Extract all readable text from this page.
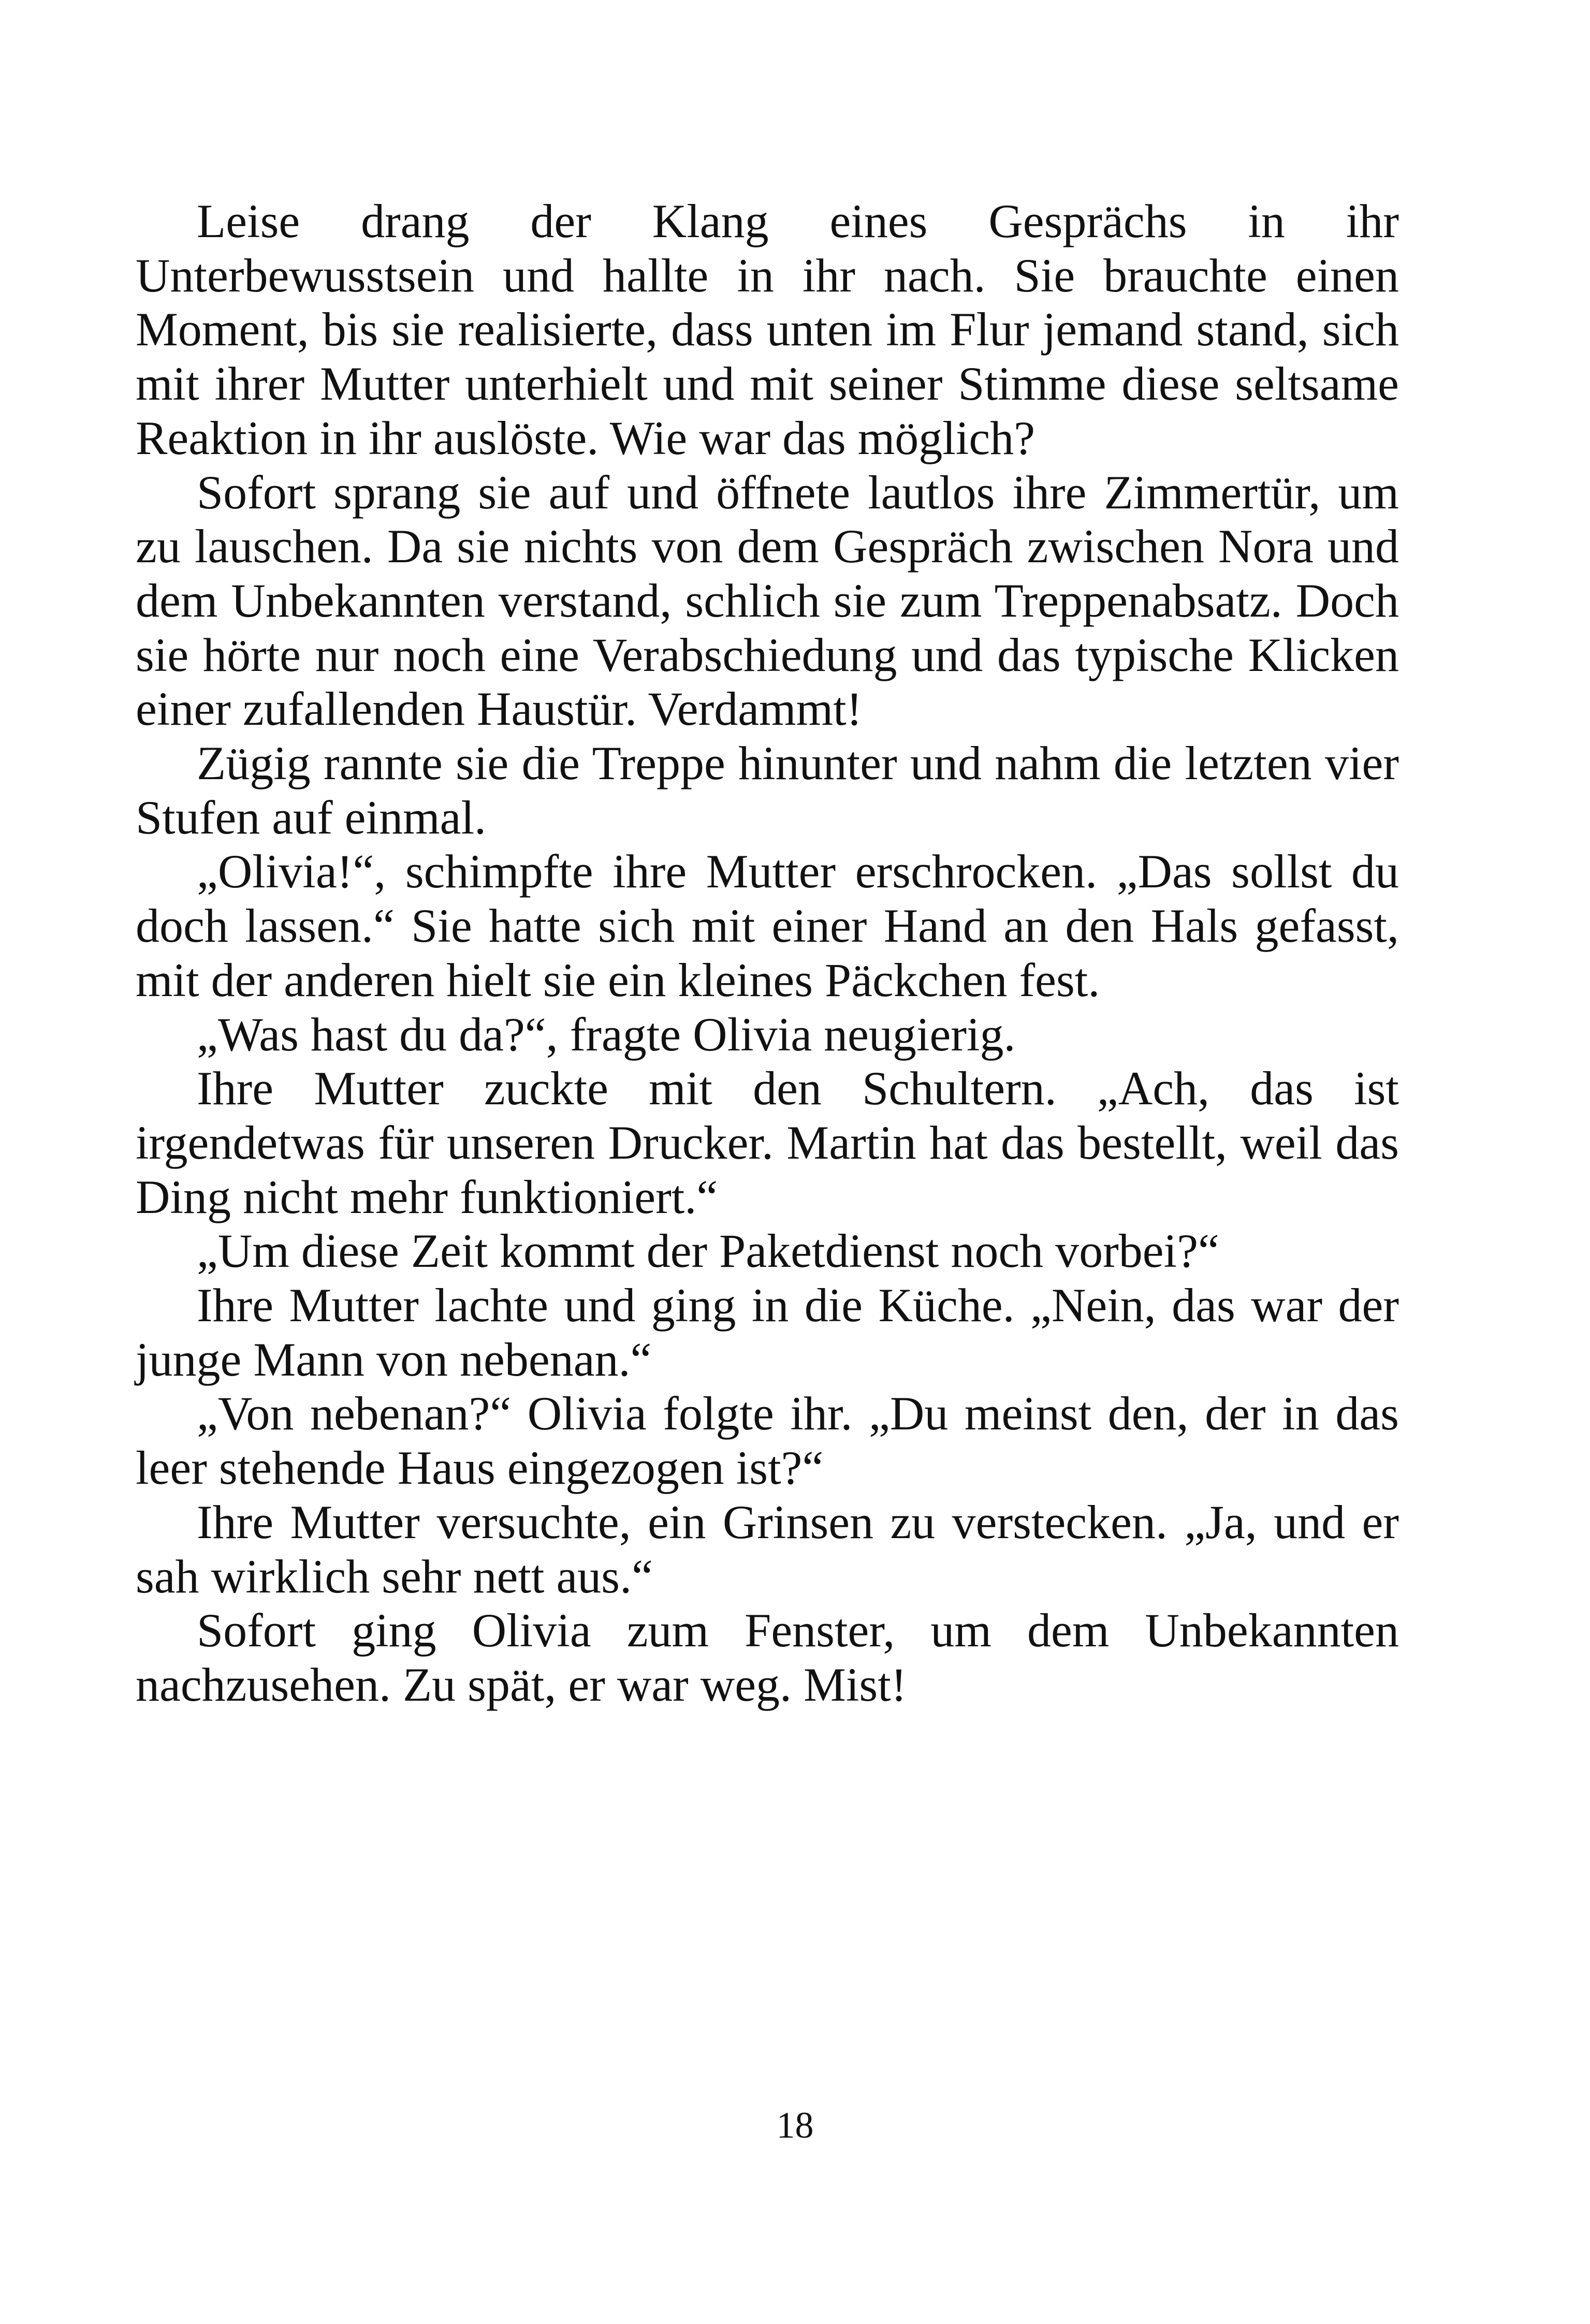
Leise drang der Klang eines Gesprächs in ihr Unterbewusstsein und hallte in ihr nach. Sie brauchte einen Moment, bis sie realisierte, dass unten im Flur jemand stand, sich mit ihrer Mutter unterhielt und mit seiner Stimme diese seltsame Reaktion in ihr auslöste. Wie war das möglich?

Sofort sprang sie auf und öffnete lautlos ihre Zimmertür, um zu lauschen. Da sie nichts von dem Gespräch zwischen Nora und dem Unbekannten verstand, schlich sie zum Treppenabsatz. Doch sie hörte nur noch eine Verabschiedung und das typische Klicken einer zufallenden Haustür. Verdammt!

Zügig rannte sie die Treppe hinunter und nahm die letzten vier Stufen auf einmal.

„Olivia!“, schimpfte ihre Mutter erschrocken. „Das sollst du doch lassen.“ Sie hatte sich mit einer Hand an den Hals gefasst, mit der anderen hielt sie ein kleines Päckchen fest.

„Was hast du da?“, fragte Olivia neugierig.

Ihre Mutter zuckte mit den Schultern. „Ach, das ist irgendetwas für unseren Drucker. Martin hat das bestellt, weil das Ding nicht mehr funktioniert.“

„Um diese Zeit kommt der Paketdienst noch vorbei?“

Ihre Mutter lachte und ging in die Küche. „Nein, das war der junge Mann von nebenan.“

„Von nebenan?“ Olivia folgte ihr. „Du meinst den, der in das leer stehende Haus eingezogen ist?“

Ihre Mutter versuchte, ein Grinsen zu verstecken. „Ja, und er sah wirklich sehr nett aus.“

Sofort ging Olivia zum Fenster, um dem Unbekannten nachzusehen. Zu spät, er war weg. Mist!

18
